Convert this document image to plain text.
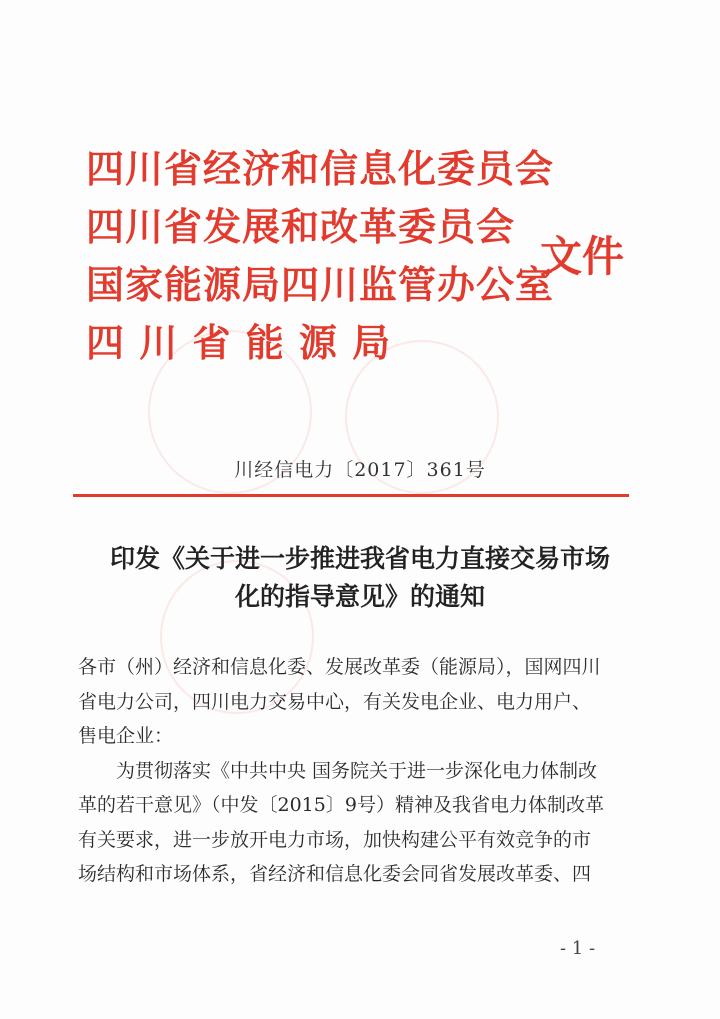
四川省经济和信息化委员会
四川省发展和改革委员会
国家能源局四川监管办公室
四 川 省 能 源 局
文件
川经信电力〔2017〕361号
印发《关于进一步推进我省电力直接交易市场
化的指导意见》的通知

各市（州）经济和信息化委、发展改革委（能源局），国网四川
省电力公司，四川电力交易中心，有关发电企业、电力用户、
售电企业：

为贯彻落实《中共中央 国务院关于进一步深化电力体制改
革的若干意见》（中发〔2015〕9号）精神及我省电力体制改革
有关要求，进一步放开电力市场，加快构建公平有效竞争的市
场结构和市场体系，省经济和信息化委会同省发展改革委、四

- 1 -
